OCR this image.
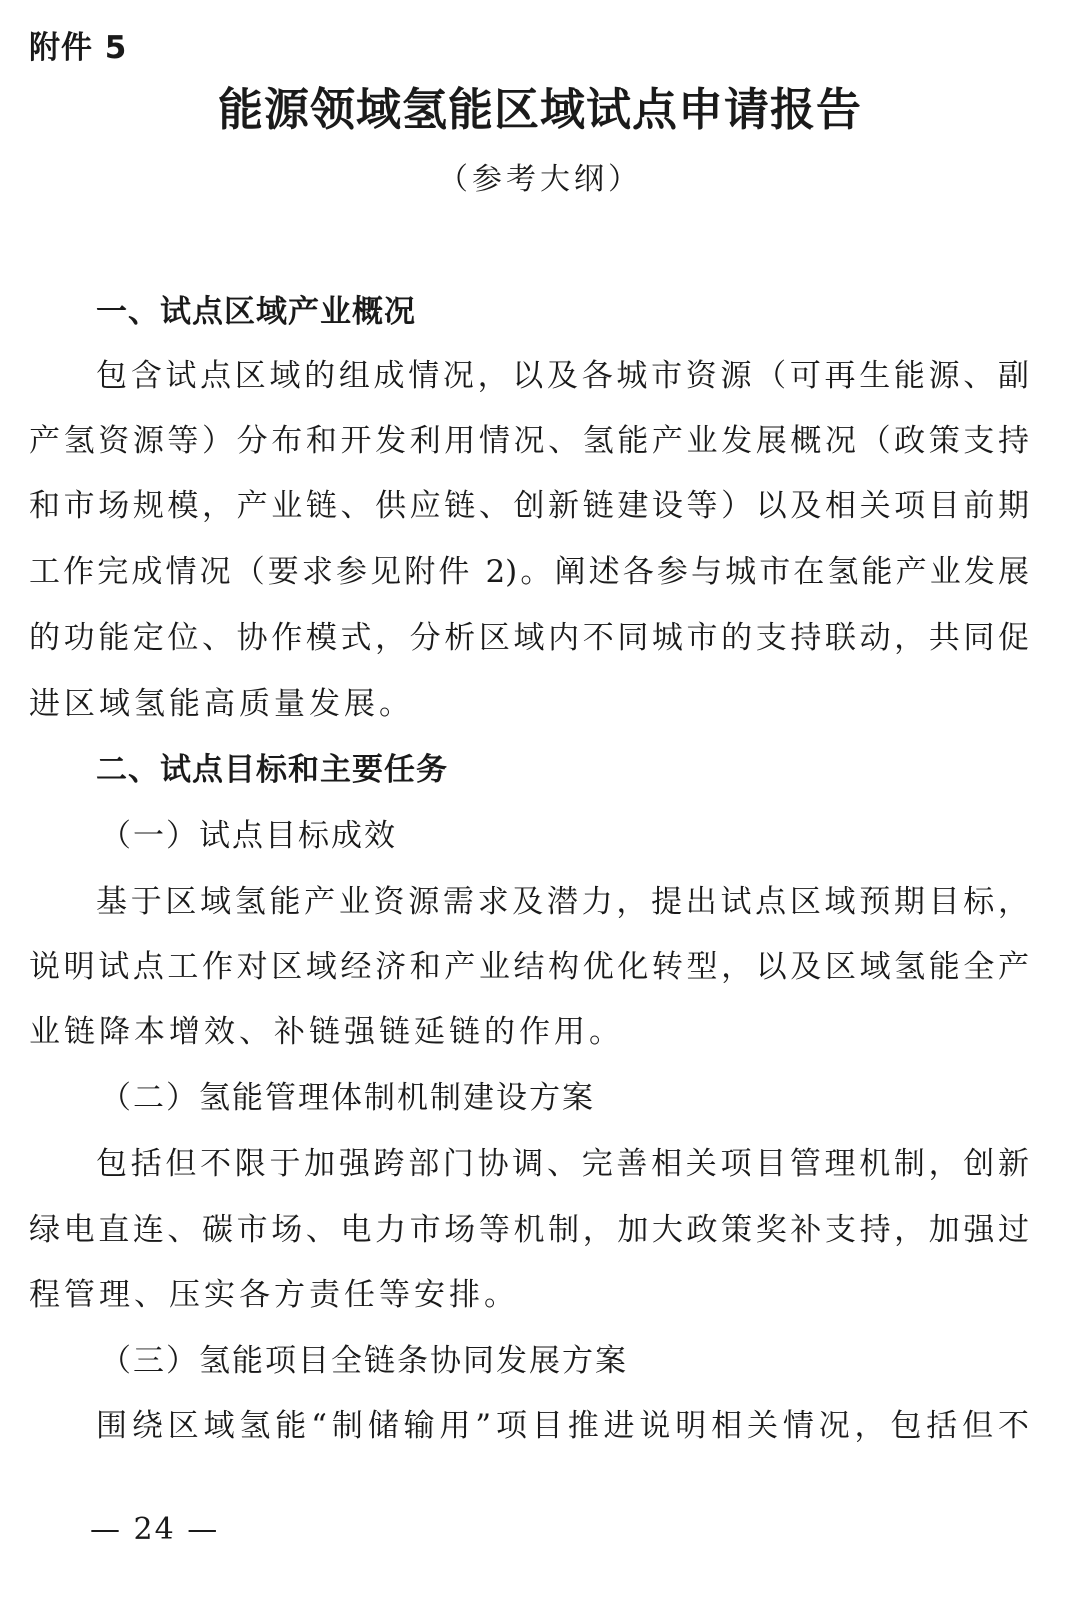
附件 5
能源领域氢能区域试点申请报告
（参考大纲）
一、试点区域产业概况
包含试点区域的组成情况，以及各城市资源（可再生能源、副
产氢资源等）分布和开发利用情况、氢能产业发展概况（政策支持
和市场规模，产业链、供应链、创新链建设等）以及相关项目前期
工作完成情况（要求参见附件 2)。阐述各参与城市在氢能产业发展
的功能定位、协作模式，分析区域内不同城市的支持联动，共同促
进区域氢能高质量发展。
二、试点目标和主要任务
（一）试点目标成效
基于区域氢能产业资源需求及潜力，提出试点区域预期目标，
说明试点工作对区域经济和产业结构优化转型，以及区域氢能全产
业链降本增效、补链强链延链的作用。
（二）氢能管理体制机制建设方案
包括但不限于加强跨部门协调、完善相关项目管理机制，创新
绿电直连、碳市场、电力市场等机制，加大政策奖补支持，加强过
程管理、压实各方责任等安排。
（三）氢能项目全链条协同发展方案
围绕区域氢能“制储输用”项目推进说明相关情况，包括但不
— 24 —
